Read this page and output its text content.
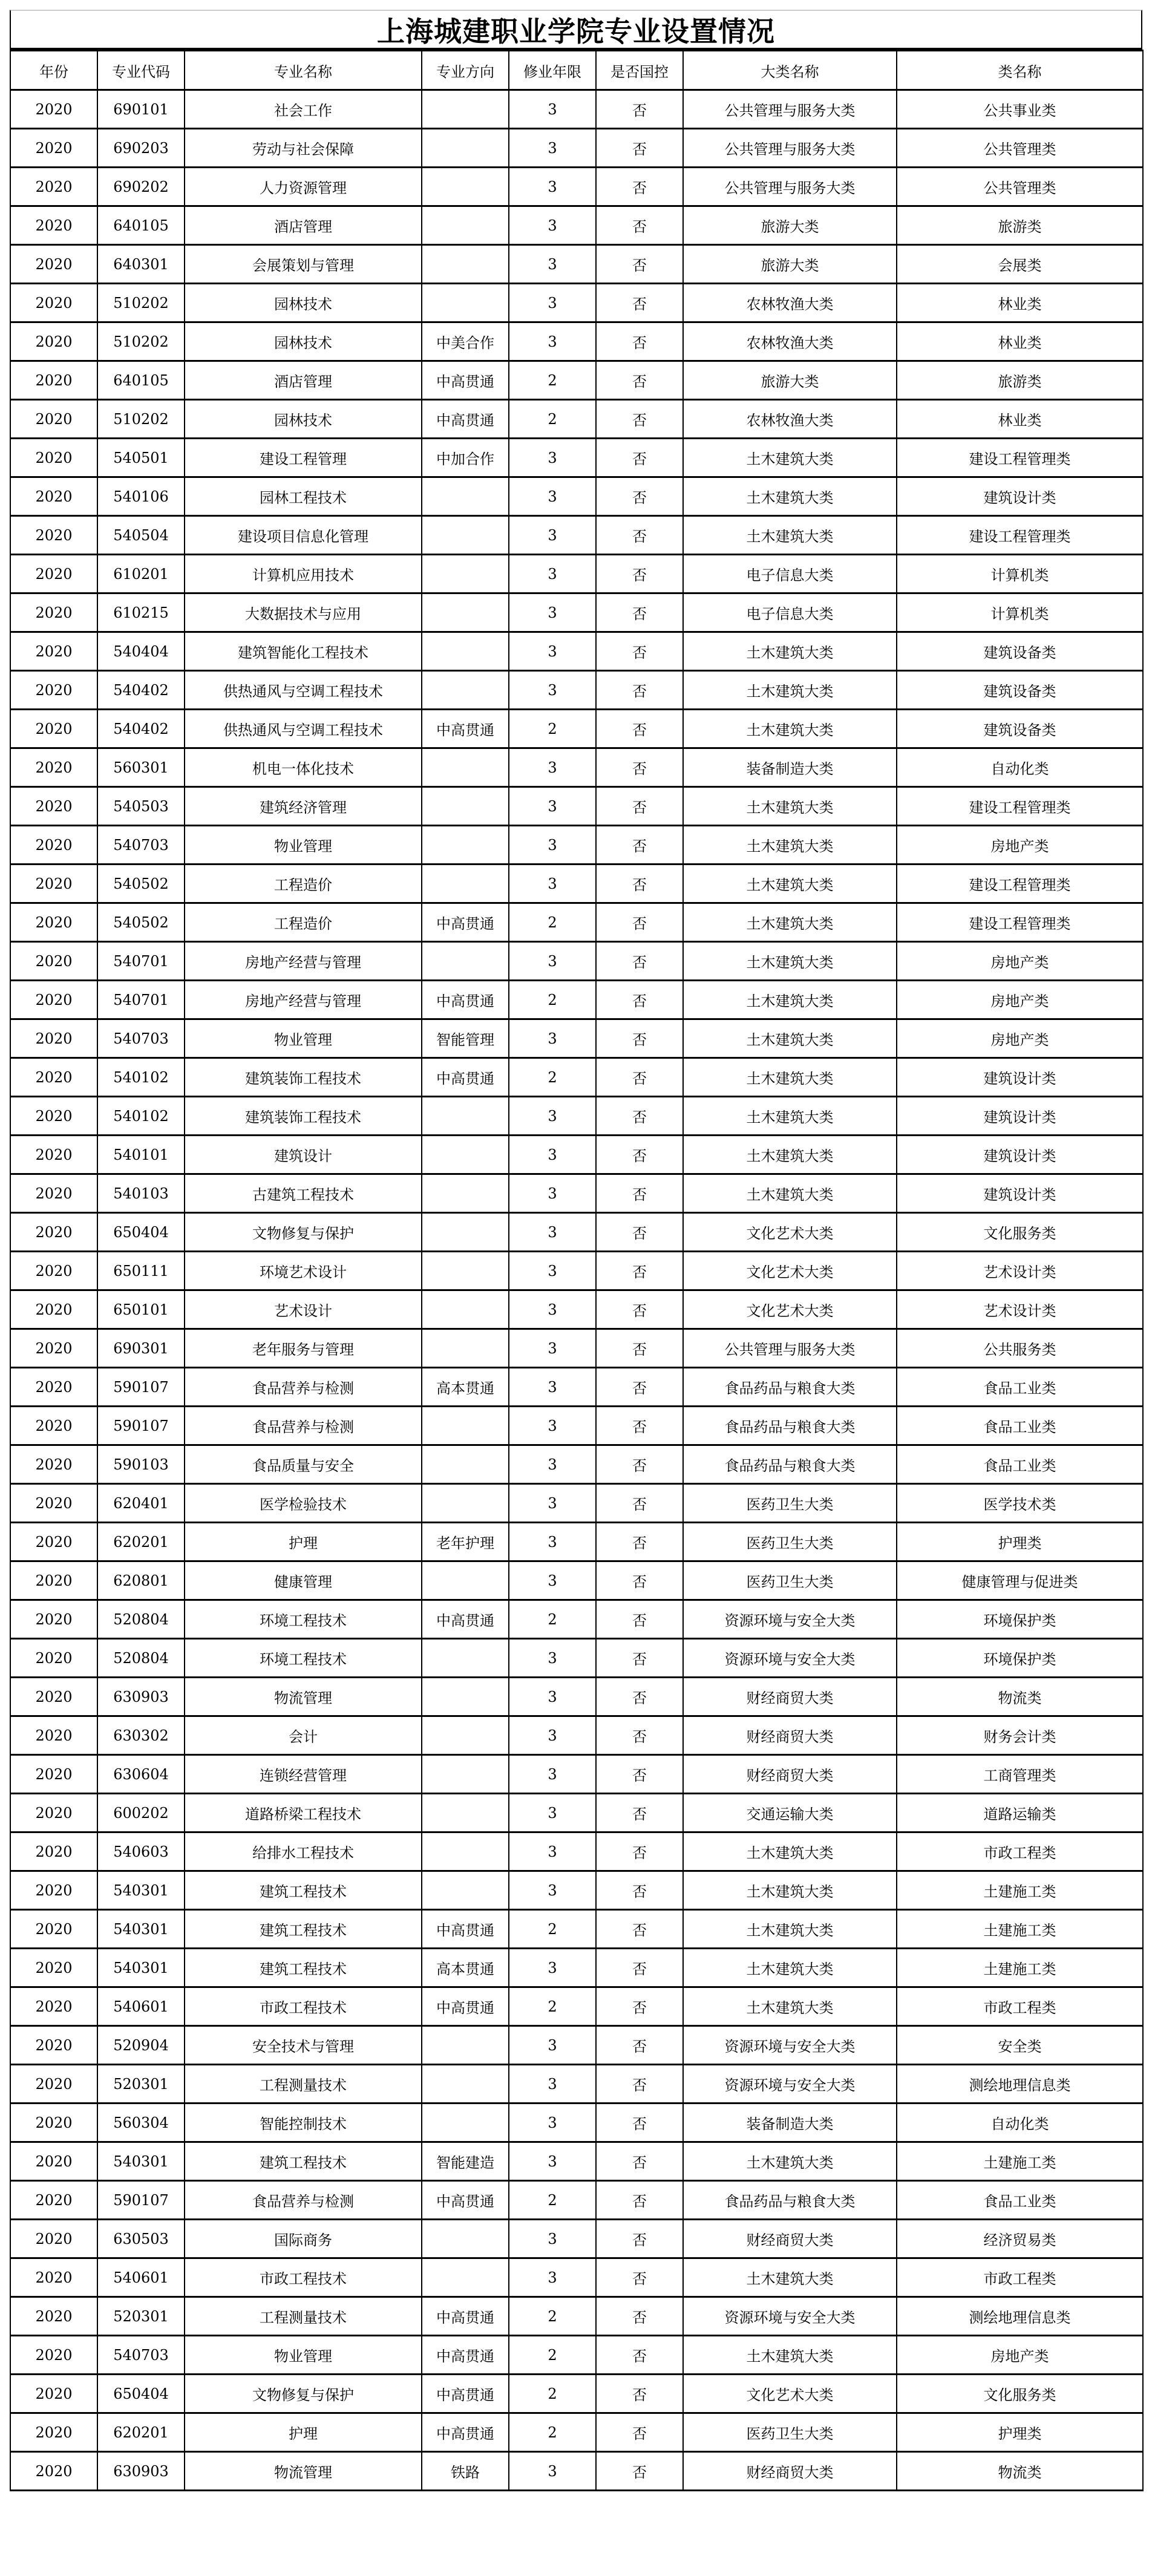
上海城建职业学院专业设置情况
年份	专业代码	专业名称	专业方向	修业年限	是否国控	大类名称	类名称
2020	690101	社会工作		3	否	公共管理与服务大类	公共事业类
2020	690203	劳动与社会保障		3	否	公共管理与服务大类	公共管理类
2020	690202	人力资源管理		3	否	公共管理与服务大类	公共管理类
2020	640105	酒店管理		3	否	旅游大类	旅游类
2020	640301	会展策划与管理		3	否	旅游大类	会展类
2020	510202	园林技术		3	否	农林牧渔大类	林业类
2020	510202	园林技术	中美合作	3	否	农林牧渔大类	林业类
2020	640105	酒店管理	中高贯通	2	否	旅游大类	旅游类
2020	510202	园林技术	中高贯通	2	否	农林牧渔大类	林业类
2020	540501	建设工程管理	中加合作	3	否	土木建筑大类	建设工程管理类
2020	540106	园林工程技术		3	否	土木建筑大类	建筑设计类
2020	540504	建设项目信息化管理		3	否	土木建筑大类	建设工程管理类
2020	610201	计算机应用技术		3	否	电子信息大类	计算机类
2020	610215	大数据技术与应用		3	否	电子信息大类	计算机类
2020	540404	建筑智能化工程技术		3	否	土木建筑大类	建筑设备类
2020	540402	供热通风与空调工程技术		3	否	土木建筑大类	建筑设备类
2020	540402	供热通风与空调工程技术	中高贯通	2	否	土木建筑大类	建筑设备类
2020	560301	机电一体化技术		3	否	装备制造大类	自动化类
2020	540503	建筑经济管理		3	否	土木建筑大类	建设工程管理类
2020	540703	物业管理		3	否	土木建筑大类	房地产类
2020	540502	工程造价		3	否	土木建筑大类	建设工程管理类
2020	540502	工程造价	中高贯通	2	否	土木建筑大类	建设工程管理类
2020	540701	房地产经营与管理		3	否	土木建筑大类	房地产类
2020	540701	房地产经营与管理	中高贯通	2	否	土木建筑大类	房地产类
2020	540703	物业管理	智能管理	3	否	土木建筑大类	房地产类
2020	540102	建筑装饰工程技术	中高贯通	2	否	土木建筑大类	建筑设计类
2020	540102	建筑装饰工程技术		3	否	土木建筑大类	建筑设计类
2020	540101	建筑设计		3	否	土木建筑大类	建筑设计类
2020	540103	古建筑工程技术		3	否	土木建筑大类	建筑设计类
2020	650404	文物修复与保护		3	否	文化艺术大类	文化服务类
2020	650111	环境艺术设计		3	否	文化艺术大类	艺术设计类
2020	650101	艺术设计		3	否	文化艺术大类	艺术设计类
2020	690301	老年服务与管理		3	否	公共管理与服务大类	公共服务类
2020	590107	食品营养与检测	高本贯通	3	否	食品药品与粮食大类	食品工业类
2020	590107	食品营养与检测		3	否	食品药品与粮食大类	食品工业类
2020	590103	食品质量与安全		3	否	食品药品与粮食大类	食品工业类
2020	620401	医学检验技术		3	否	医药卫生大类	医学技术类
2020	620201	护理	老年护理	3	否	医药卫生大类	护理类
2020	620801	健康管理		3	否	医药卫生大类	健康管理与促进类
2020	520804	环境工程技术	中高贯通	2	否	资源环境与安全大类	环境保护类
2020	520804	环境工程技术		3	否	资源环境与安全大类	环境保护类
2020	630903	物流管理		3	否	财经商贸大类	物流类
2020	630302	会计		3	否	财经商贸大类	财务会计类
2020	630604	连锁经营管理		3	否	财经商贸大类	工商管理类
2020	600202	道路桥梁工程技术		3	否	交通运输大类	道路运输类
2020	540603	给排水工程技术		3	否	土木建筑大类	市政工程类
2020	540301	建筑工程技术		3	否	土木建筑大类	土建施工类
2020	540301	建筑工程技术	中高贯通	2	否	土木建筑大类	土建施工类
2020	540301	建筑工程技术	高本贯通	3	否	土木建筑大类	土建施工类
2020	540601	市政工程技术	中高贯通	2	否	土木建筑大类	市政工程类
2020	520904	安全技术与管理		3	否	资源环境与安全大类	安全类
2020	520301	工程测量技术		3	否	资源环境与安全大类	测绘地理信息类
2020	560304	智能控制技术		3	否	装备制造大类	自动化类
2020	540301	建筑工程技术	智能建造	3	否	土木建筑大类	土建施工类
2020	590107	食品营养与检测	中高贯通	2	否	食品药品与粮食大类	食品工业类
2020	630503	国际商务		3	否	财经商贸大类	经济贸易类
2020	540601	市政工程技术		3	否	土木建筑大类	市政工程类
2020	520301	工程测量技术	中高贯通	2	否	资源环境与安全大类	测绘地理信息类
2020	540703	物业管理	中高贯通	2	否	土木建筑大类	房地产类
2020	650404	文物修复与保护	中高贯通	2	否	文化艺术大类	文化服务类
2020	620201	护理	中高贯通	2	否	医药卫生大类	护理类
2020	630903	物流管理	铁路	3	否	财经商贸大类	物流类
